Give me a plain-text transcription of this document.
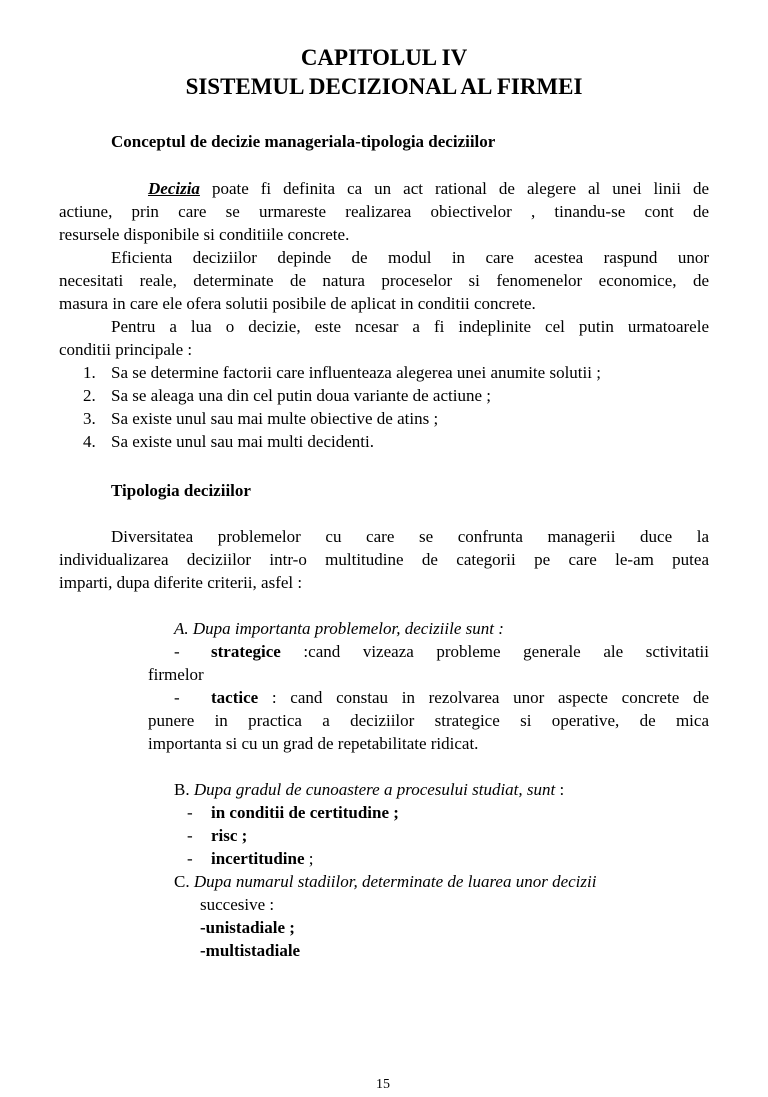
CAPITOLUL IV
SISTEMUL DECIZIONAL AL FIRMEI
Conceptul de decizie manageriala-tipologia deciziilor
Decizia poate fi definita ca un act rational de alegere al unei linii de
actiune, prin care se urmareste realizarea obiectivelor , tinandu-se cont de
resursele disponibile si conditiile concrete.
Eficienta deciziilor depinde de modul in care acestea raspund unor
necesitati reale, determinate de natura proceselor si fenomenelor economice, de
masura in care ele ofera solutii posibile de aplicat in conditii concrete.
Pentru a lua o decizie, este ncesar a fi indeplinite cel putin urmatoarele
conditii principale :
1. Sa se determine factorii care influenteaza alegerea unei anumite solutii ;
2. Sa se aleaga una din cel putin doua variante de actiune ;
3. Sa existe unul sau mai multe obiective de atins ;
4. Sa existe unul sau mai multi decidenti.
Tipologia deciziilor
Diversitatea problemelor cu care se confrunta managerii duce la
individualizarea deciziilor intr-o multitudine de categorii pe care le-am putea
imparti, dupa diferite criterii, asfel :
A. Dupa importanta problemelor, deciziile sunt :
- strategice :cand vizeaza probleme generale ale sctivitatii
firmelor
- tactice : cand constau in rezolvarea unor aspecte concrete de
punere in practica a deciziilor strategice si operative, de mica
importanta si cu un grad de repetabilitate ridicat.
B. Dupa gradul de cunoastere a procesului studiat, sunt :
- in conditii de certitudine ;
- risc ;
- incertitudine ;
C. Dupa numarul stadiilor, determinate de luarea unor decizii
succesive :
-unistadiale ;
-multistadiale
15
